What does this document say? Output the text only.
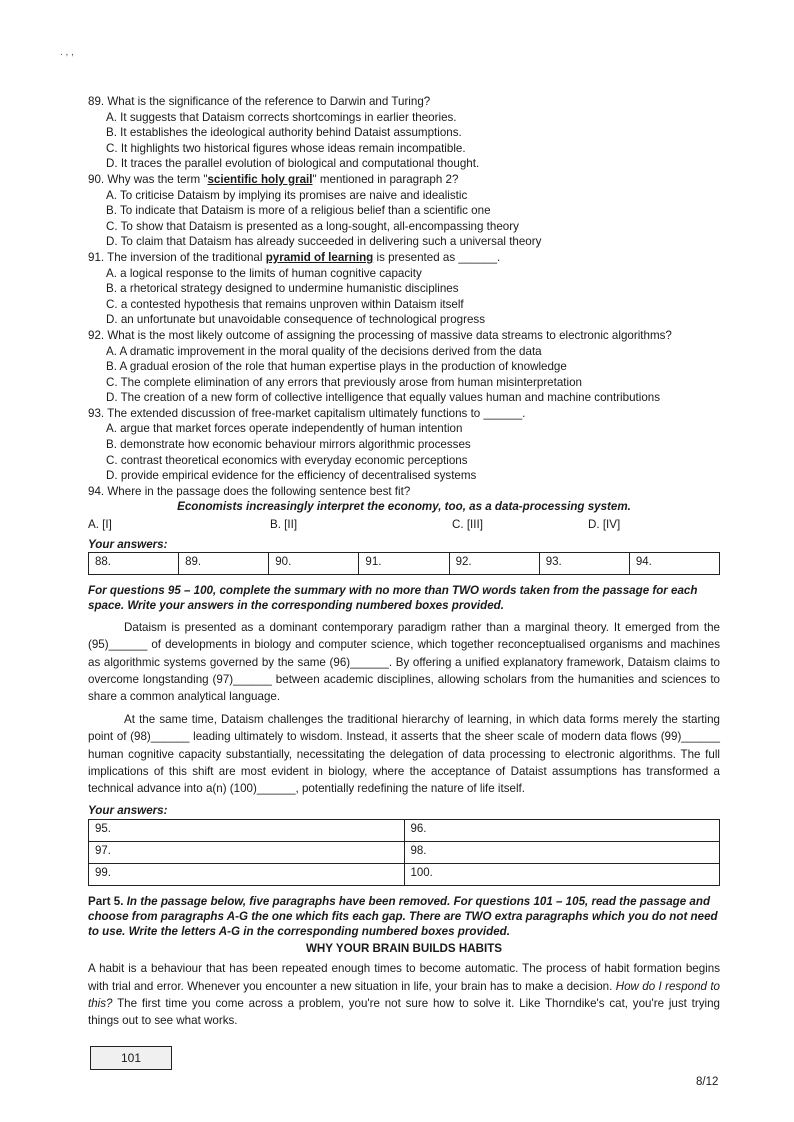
. , ,

89. What is the significance of the reference to Darwin and Turing?

A. It suggests that Dataism corrects shortcomings in earlier theories.

B. It establishes the ideological authority behind Dataist assumptions.

C. It highlights two historical figures whose ideas remain incompatible.

D. It traces the parallel evolution of biological and computational thought.

90. Why was the term "scientific holy grail" mentioned in paragraph 2?

A. To criticise Dataism by implying its promises are naive and idealistic

B. To indicate that Dataism is more of a religious belief than a scientific one

C. To show that Dataism is presented as a long-sought, all-encompassing theory

D. To claim that Dataism has already succeeded in delivering such a universal theory

91. The inversion of the traditional pyramid of learning is presented as ______.

A. a logical response to the limits of human cognitive capacity

B. a rhetorical strategy designed to undermine humanistic disciplines

C. a contested hypothesis that remains unproven within Dataism itself

D. an unfortunate but unavoidable consequence of technological progress

92. What is the most likely outcome of assigning the processing of massive data streams to electronic algorithms?

A. A dramatic improvement in the moral quality of the decisions derived from the data

B. A gradual erosion of the role that human expertise plays in the production of knowledge

C. The complete elimination of any errors that previously arose from human misinterpretation

D. The creation of a new form of collective intelligence that equally values human and machine contributions

93. The extended discussion of free-market capitalism ultimately functions to ______.

A. argue that market forces operate independently of human intention

B. demonstrate how economic behaviour mirrors algorithmic processes

C. contrast theoretical economics with everyday economic perceptions

D. provide empirical evidence for the efficiency of decentralised systems

94. Where in the passage does the following sentence best fit?

Economists increasingly interpret the economy, too, as a data-processing system.

A. [I]	B. [II]	C. [III]	D. [IV]

Your answers:

88.	89.	90.	91.	92.	93.	94.

For questions 95 – 100, complete the summary with no more than TWO words taken from the passage for each space. Write your answers in the corresponding numbered boxes provided.

Dataism is presented as a dominant contemporary paradigm rather than a marginal theory. It emerged from the (95)______ of developments in biology and computer science, which together reconceptualised organisms and machines as algorithmic systems governed by the same (96)______. By offering a unified explanatory framework, Dataism claims to overcome longstanding (97)______ between academic disciplines, allowing scholars from the humanities and sciences to share a common analytical language.

At the same time, Dataism challenges the traditional hierarchy of learning, in which data forms merely the starting point of (98)______ leading ultimately to wisdom. Instead, it asserts that the sheer scale of modern data flows (99)______ human cognitive capacity substantially, necessitating the delegation of data processing to electronic algorithms. The full implications of this shift are most evident in biology, where the acceptance of Dataist assumptions has transformed a technical advance into a(n) (100)______, potentially redefining the nature of life itself.

Your answers:

95.	96.
97.	98.
99.	100.

Part 5. In the passage below, five paragraphs have been removed. For questions 101 – 105, read the passage and choose from paragraphs A-G the one which fits each gap. There are TWO extra paragraphs which you do not need to use. Write the letters A-G in the corresponding numbered boxes provided.

WHY YOUR BRAIN BUILDS HABITS

A habit is a behaviour that has been repeated enough times to become automatic. The process of habit formation begins with trial and error. Whenever you encounter a new situation in life, your brain has to make a decision. How do I respond to this? The first time you come across a problem, you're not sure how to solve it. Like Thorndike's cat, you're just trying things out to see what works.

101
8/12
